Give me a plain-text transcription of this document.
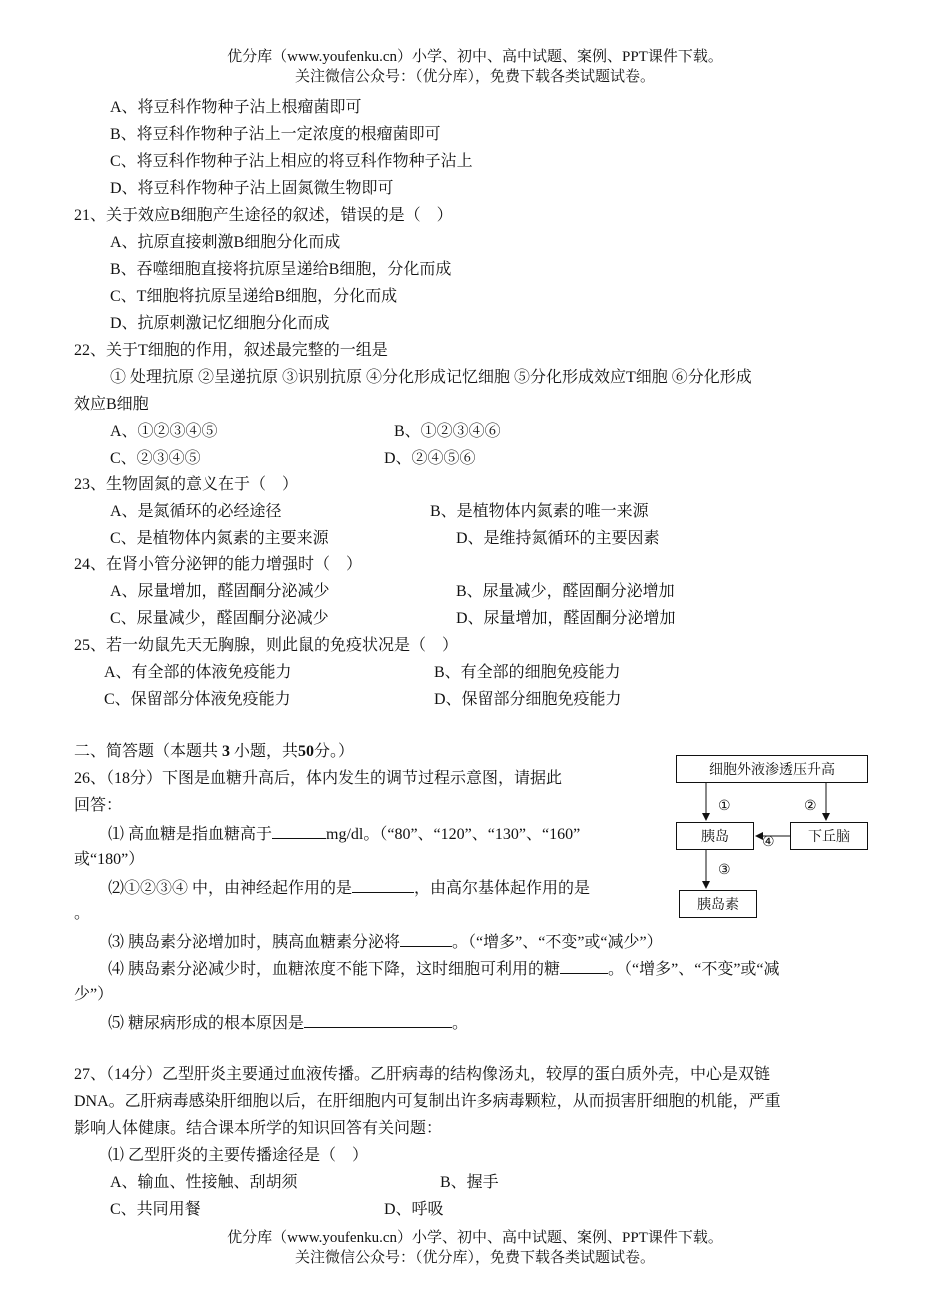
优分库（www.youfenku.cn）小学、初中、高中试题、案例、PPT课件下载。
关注微信公众号：（优分库），免费下载各类试题试卷。
A、将豆科作物种子沾上根瘤菌即可
B、将豆科作物种子沾上一定浓度的根瘤菌即可
C、将豆科作物种子沾上相应的将豆科作物种子沾上
D、将豆科作物种子沾上固氮微生物即可
21、关于效应B细胞产生途径的叙述，错误的是（　）
A、抗原直接刺激B细胞分化而成
B、吞噬细胞直接将抗原呈递给B细胞，分化而成
C、T细胞将抗原呈递给B细胞，分化而成
D、抗原刺激记忆细胞分化而成
22、关于T细胞的作用，叙述最完整的一组是
① 处理抗原 ②呈递抗原 ③识别抗原 ④分化形成记忆细胞 ⑤分化形成效应T细胞 ⑥分化形成
效应B细胞
A、①②③④⑤	B、①②③④⑥
C、②③④⑤	D、②④⑤⑥
23、生物固氮的意义在于（　）
A、是氮循环的必经途径	B、是植物体内氮素的唯一来源
C、是植物体内氮素的主要来源	D、是维持氮循环的主要因素
24、在肾小管分泌钾的能力增强时（　）
A、尿量增加，醛固酮分泌减少	B、尿量减少，醛固酮分泌增加
C、尿量减少，醛固酮分泌减少	D、尿量增加，醛固酮分泌增加
25、若一幼鼠先天无胸腺，则此鼠的免疫状况是（　）
A、有全部的体液免疫能力	B、有全部的细胞免疫能力
C、保留部分体液免疫能力	D、保留部分细胞免疫能力
二、简答题（本题共 3 小题，共50分。）
26、（18分）下图是血糖升高后，体内发生的调节过程示意图，请据此
回答：
⑴ 高血糖是指血糖高于	mg/dl。（“80”、“120”、“130”、“160”
或“180”）
⑵①②③④ 中，由神经起作用的是	，由高尔基体起作用的是
。
⑶ 胰岛素分泌增加时，胰高血糖素分泌将	。（“增多”、“不变”或“减少”）
⑷ 胰岛素分泌减少时，血糖浓度不能下降，这时细胞可利用的糖	。（“增多”、“不变”或“减
少”）
⑸ 糖尿病形成的根本原因是	。
细胞外液渗透压升高
胰岛	下丘脑
胰岛素
①	②
③
④
27、（14分）乙型肝炎主要通过血液传播。乙肝病毒的结构像汤丸，较厚的蛋白质外壳，中心是双链
DNA。乙肝病毒感染肝细胞以后，在肝细胞内可复制出许多病毒颗粒，从而损害肝细胞的机能，严重
影响人体健康。结合课本所学的知识回答有关问题：
⑴ 乙型肝炎的主要传播途径是（　）
A、输血、性接触、刮胡须	B、握手
C、共同用餐	D、呼吸
优分库（www.youfenku.cn）小学、初中、高中试题、案例、PPT课件下载。
关注微信公众号：（优分库），免费下载各类试题试卷。
